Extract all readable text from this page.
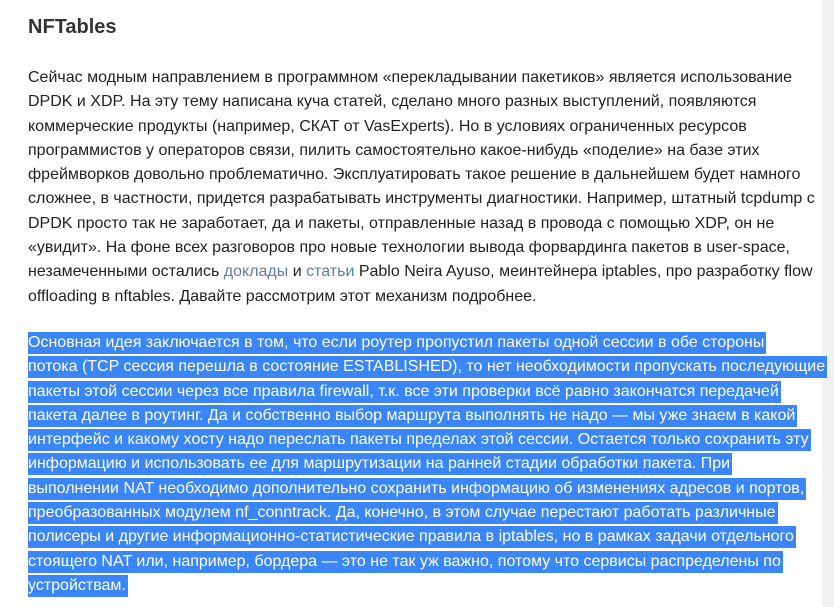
NFTables
Сейчас модным направлением в программном «перекладывании пакетиков» является использование
DPDK и XDP. На эту тему написана куча статей, сделано много разных выступлений, появляются
коммерческие продукты (например, СКАТ от VasExperts). Но в условиях ограниченных ресурсов
программистов у операторов связи, пилить самостоятельно какое-нибудь «поделие» на базе этих
фреймворков довольно проблематично. Эксплуатировать такое решение в дальнейшем будет намного
сложнее, в частности, придется разрабатывать инструменты диагностики. Например, штатный tcpdump с
DPDK просто так не заработает, да и пакеты, отправленные назад в провода с помощью XDP, он не
«увидит». На фоне всех разговоров про новые технологии вывода форвардинга пакетов в user-space,
незамеченными остались доклады и статьи Pablo Neira Ayuso, меинтейнера iptables, про разработку flow
offloading в nftables. Давайте рассмотрим этот механизм подробнее.
Основная идея заключается в том, что если роутер пропустил пакеты одной сессии в обе стороны
потока (TCP сессия перешла в состояние ESTABLISHED), то нет необходимости пропускать последующие
пакеты этой сессии через все правила firewall, т.к. все эти проверки всё равно закончатся передачей
пакета далее в роутинг. Да и собственно выбор маршрута выполнять не надо — мы уже знаем в какой
интерфейс и какому хосту надо переслать пакеты пределах этой сессии. Остается только сохранить эту
информацию и использовать ее для маршрутизации на ранней стадии обработки пакета. При
выполнении NAT необходимо дополнительно сохранить информацию об изменениях адресов и портов,
преобразованных модулем nf_conntrack. Да, конечно, в этом случае перестают работать различные
полисеры и другие информационно-статистические правила в iptables, но в рамках задачи отдельного
стоящего NAT или, например, бордера — это не так уж важно, потому что сервисы распределены по
устройствам.
